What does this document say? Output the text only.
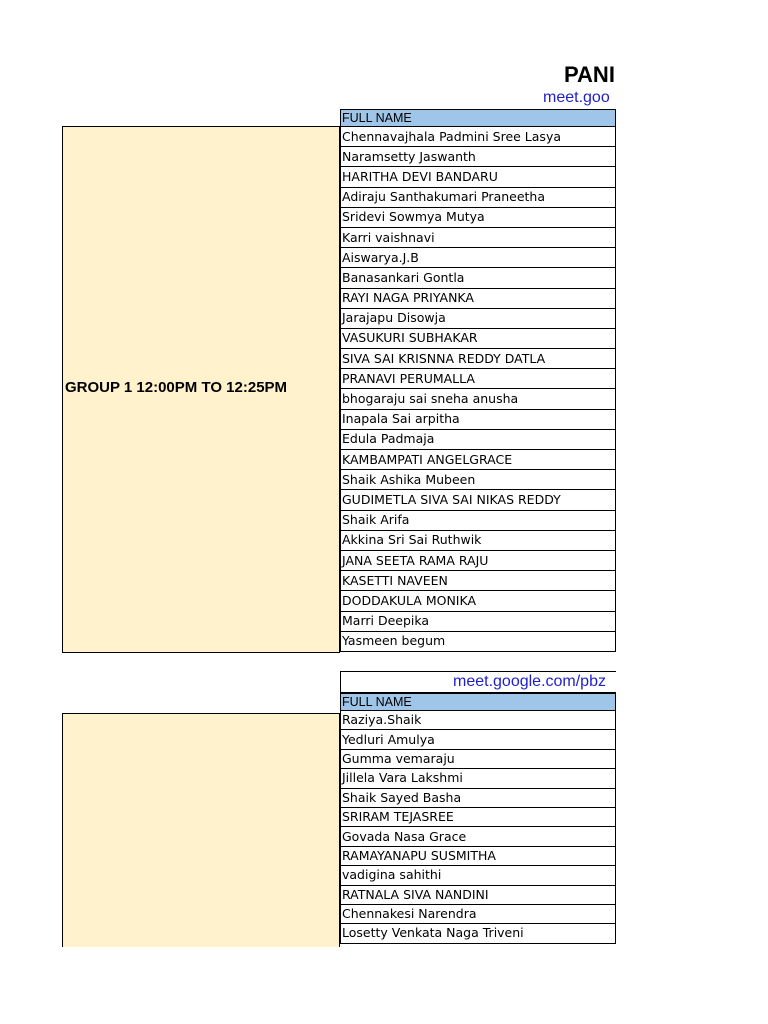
PANI
meet.goo
GROUP 1 12:00PM TO 12:25PM
FULL NAME
Chennavajhala Padmini Sree Lasya
Naramsetty Jaswanth
HARITHA DEVI BANDARU
Adiraju Santhakumari Praneetha
Sridevi Sowmya Mutya
Karri vaishnavi
Aiswarya.J.B
Banasankari Gontla
RAYI NAGA PRIYANKA
Jarajapu Disowja
VASUKURI SUBHAKAR
SIVA SAI KRISNNA REDDY DATLA
PRANAVI PERUMALLA
bhogaraju sai sneha anusha
Inapala Sai arpitha
Edula Padmaja
KAMBAMPATI ANGELGRACE
Shaik Ashika Mubeen
GUDIMETLA SIVA SAI NIKAS REDDY
Shaik Arifa
Akkina Sri Sai Ruthwik
JANA SEETA RAMA RAJU
KASETTI NAVEEN
DODDAKULA MONIKA
Marri Deepika
Yasmeen begum
meet.google.com/pbz
FULL NAME
Raziya.Shaik
Yedluri Amulya
Gumma vemaraju
Jillela Vara Lakshmi
Shaik Sayed Basha
SRIRAM TEJASREE
Govada Nasa Grace
RAMAYANAPU SUSMITHA
vadigina sahithi
RATNALA SIVA NANDINI
Chennakesi Narendra
Losetty Venkata Naga Triveni
